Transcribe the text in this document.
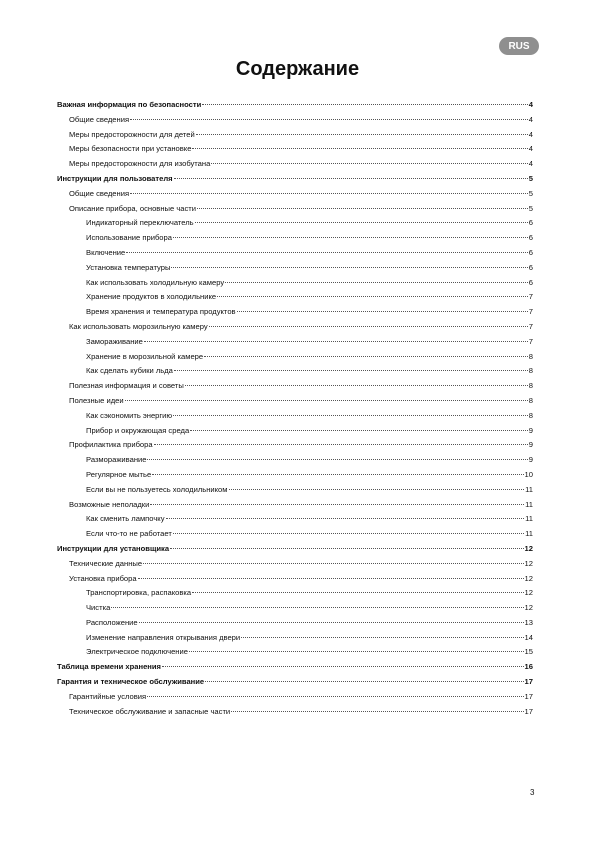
RUS
Содержание
Важная информация по безопасности	4
Общие сведения	4
Меры предосторожности для детей	4
Меры безопасности при установке	4
Меры предосторожности для изобутана	4
Инструкции для пользователя	5
Общие сведения	5
Описание прибора, основные части	5
Индикаторный переключатель	6
Использование прибора	6
Включение	6
Установка температуры	6
Как использовать холодильную камеру	6
Хранение продуктов в холодильнике	7
Время хранения и температура продуктов	7
Как использовать морозильную камеру	7
Замораживание	7
Хранение в морозильной камере	8
Как сделать кубики льда	8
Полезная информация и советы	8
Полезные идеи	8
Как сэкономить энергию	8
Прибор и окружающая среда	9
Профилактика прибора	9
Размораживание	9
Регулярное мытье	10
Если вы не пользуетесь холодильником	11
Возможные неполадки	11
Как сменить лампочку	11
Если что-то не работает	11
Инструкции для установщика	12
Технические данные	12
Установка прибора	12
Транспортировка, распаковка	12
Чистка	12
Расположение	13
Изменение направления открывания двери	14
Электрическое подключение	15
Таблица времени хранения	16
Гарантия и техническое обслуживание	17
Гарантийные условия	17
Техническое обслуживание и запасные части	17
3
